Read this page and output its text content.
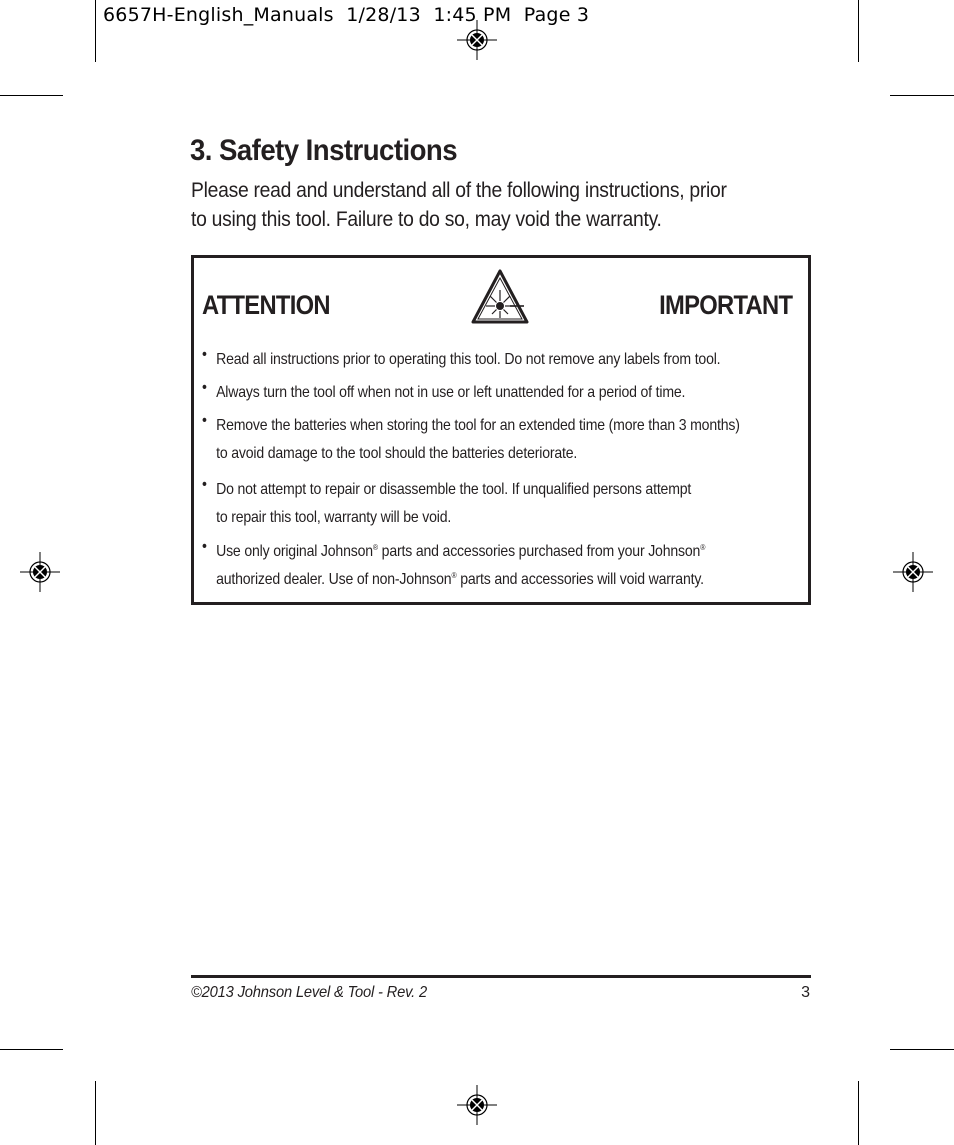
6657H-English_Manuals  1/28/13  1:45 PM  Page 3
3. Safety Instructions
Please read and understand all of the following instructions, prior
to using this tool. Failure to do so, may void the warranty.
ATTENTION	IMPORTANT
• Read all instructions prior to operating this tool. Do not remove any labels from tool.
• Always turn the tool off when not in use or left unattended for a period of time.
• Remove the batteries when storing the tool for an extended time (more than 3 months)
to avoid damage to the tool should the batteries deteriorate.
• Do not attempt to repair or disassemble the tool. If unqualified persons attempt
to repair this tool, warranty will be void.
• Use only original Johnson® parts and accessories purchased from your Johnson®
authorized dealer. Use of non-Johnson® parts and accessories will void warranty.
©2013 Johnson Level & Tool - Rev. 2	3
